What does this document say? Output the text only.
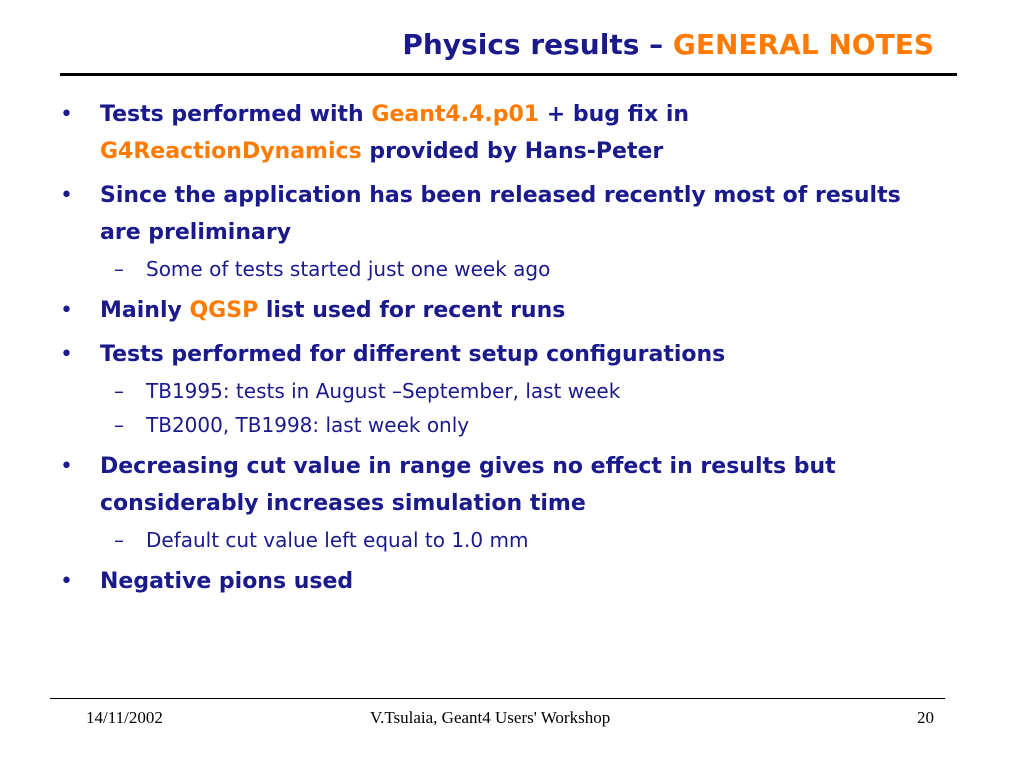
Physics results – GENERAL NOTES
• Tests performed with Geant4.4.p01 + bug fix in
G4ReactionDynamics provided by Hans-Peter
• Since the application has been released recently most of results are preliminary
– Some of tests started just one week ago
• Mainly QGSP list used for recent runs
• Tests performed for different setup configurations
– TB1995: tests in August –September, last week
– TB2000, TB1998: last week only
• Decreasing cut value in range gives no effect in results but considerably increases simulation time
– Default cut value left equal to 1.0 mm
• Negative pions used
14/11/2002	V.Tsulaia, Geant4 Users' Workshop	20
